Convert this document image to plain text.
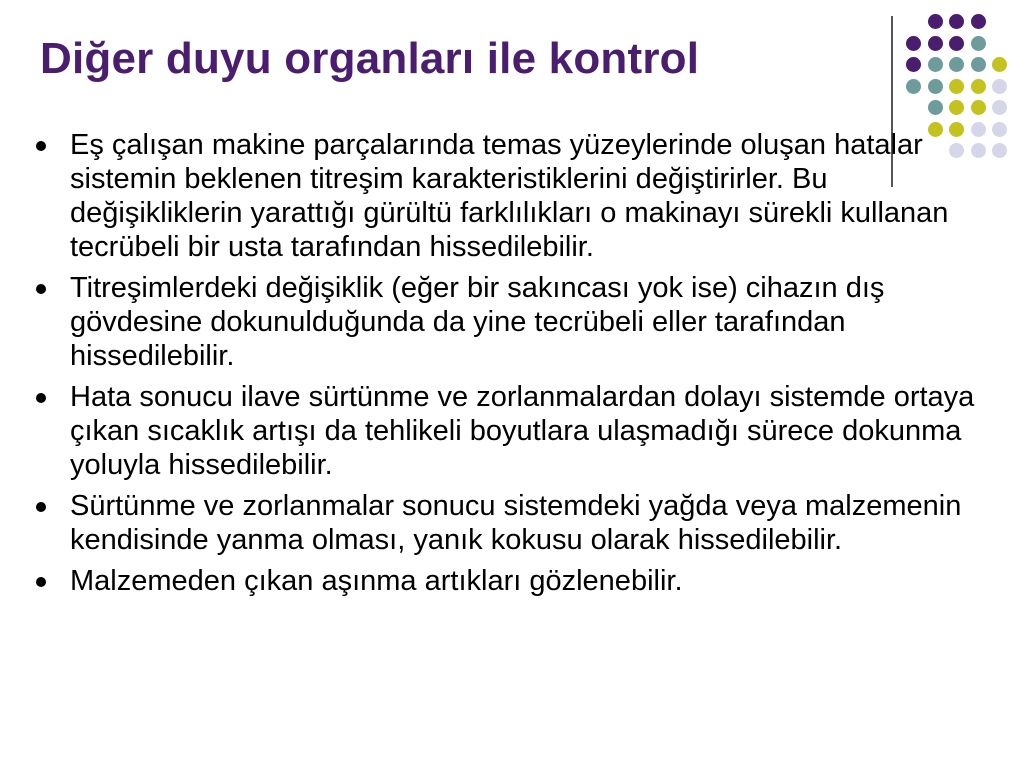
Diğer duyu organları ile kontrol
Eş çalışan makine parçalarında temas yüzeylerinde oluşan hatalar sistemin beklenen titreşim karakteristiklerini değiştirirler. Bu değişikliklerin yarattığı gürültü farklılıkları o makinayı sürekli kullanan tecrübeli bir usta tarafından hissedilebilir.
Titreşimlerdeki değişiklik (eğer bir sakıncası yok ise) cihazın dış gövdesine dokunulduğunda da yine tecrübeli eller tarafından hissedilebilir.
Hata sonucu ilave sürtünme ve zorlanmalardan dolayı sistemde ortaya çıkan sıcaklık artışı da tehlikeli boyutlara ulaşmadığı sürece dokunma yoluyla hissedilebilir.
Sürtünme ve zorlanmalar sonucu sistemdeki yağda veya malzemenin kendisinde yanma olması, yanık kokusu olarak hissedilebilir.
Malzemeden çıkan aşınma artıkları gözlenebilir.
